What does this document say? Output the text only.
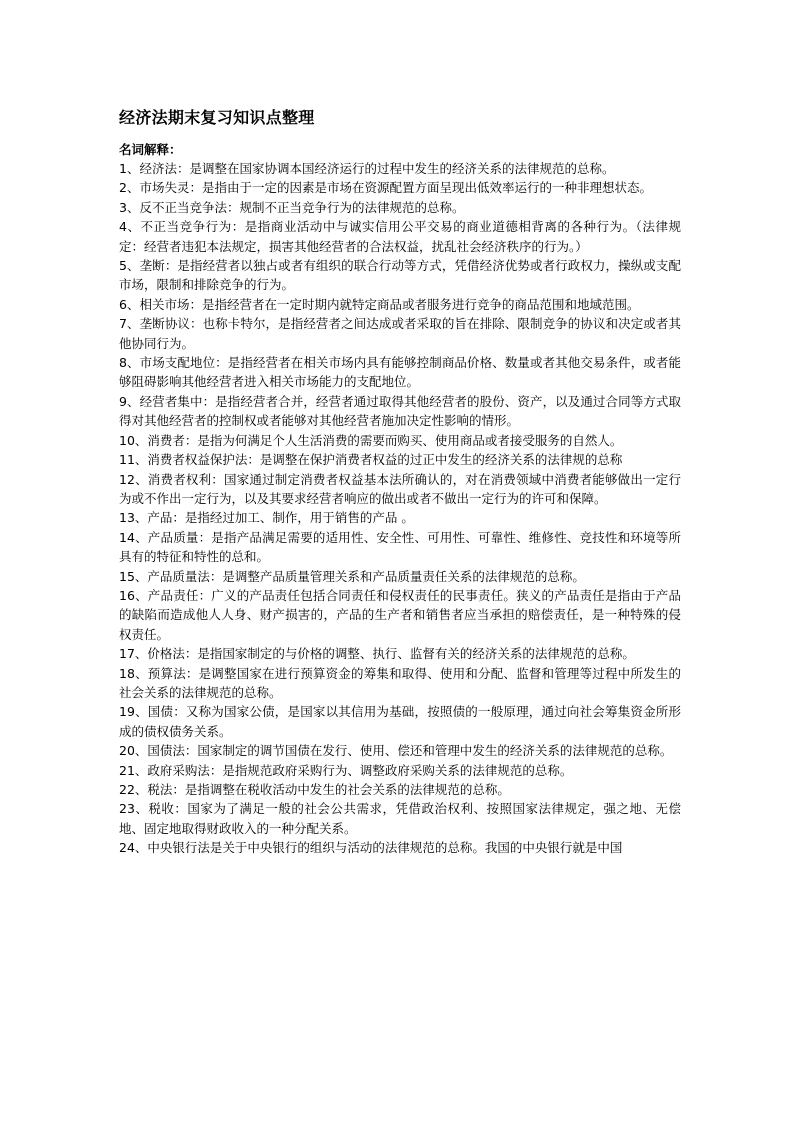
经济法期末复习知识点整理

名词解释：

1、经济法：是调整在国家协调本国经济运行的过程中发生的经济关系的法律规范的总称。

2、市场失灵：是指由于一定的因素是市场在资源配置方面呈现出低效率运行的一种非理想状态。

3、反不正当竞争法：规制不正当竞争行为的法律规范的总称。

4、不正当竞争行为：是指商业活动中与诚实信用公平交易的商业道德相背离的各种行为。（法律规定：经营者违犯本法规定，损害其他经营者的合法权益，扰乱社会经济秩序的行为。）

5、垄断：是指经营者以独占或者有组织的联合行动等方式，凭借经济优势或者行政权力，操纵或支配市场，限制和排除竞争的行为。

6、相关市场：是指经营者在一定时期内就特定商品或者服务进行竞争的商品范围和地域范围。

7、垄断协议：也称卡特尔，是指经营者之间达成或者采取的旨在排除、限制竞争的协议和决定或者其他协同行为。

8、市场支配地位：是指经营者在相关市场内具有能够控制商品价格、数量或者其他交易条件，或者能够阻碍影响其他经营者进入相关市场能力的支配地位。

9、经营者集中：是指经营者合并，经营者通过取得其他经营者的股份、资产，以及通过合同等方式取得对其他经营者的控制权或者能够对其他经营者施加决定性影响的情形。

10、消费者：是指为何满足个人生活消费的需要而购买、使用商品或者接受服务的自然人。

11、消费者权益保护法：是调整在保护消费者权益的过正中发生的经济关系的法律规的总称

12、消费者权利：国家通过制定消费者权益基本法所确认的，对在消费领域中消费者能够做出一定行为或不作出一定行为，以及其要求经营者响应的做出或者不做出一定行为的许可和保障。

13、产品：是指经过加工、制作，用于销售的产品 。

14、产品质量：是指产品满足需要的适用性、安全性、可用性、可靠性、维修性、竞技性和环境等所具有的特征和特性的总和。

15、产品质量法：是调整产品质量管理关系和产品质量责任关系的法律规范的总称。

16、产品责任：广义的产品责任包括合同责任和侵权责任的民事责任。狭义的产品责任是指由于产品的缺陷而造成他人人身、财产损害的，产品的生产者和销售者应当承担的赔偿责任，是一种特殊的侵权责任。

17、价格法：是指国家制定的与价格的调整、执行、监督有关的经济关系的法律规范的总称。

18、预算法：是调整国家在进行预算资金的筹集和取得、使用和分配、监督和管理等过程中所发生的社会关系的法律规范的总称。

19、国债：又称为国家公债，是国家以其信用为基础，按照债的一般原理，通过向社会筹集资金所形成的债权债务关系。

20、国债法：国家制定的调节国债在发行、使用、偿还和管理中发生的经济关系的法律规范的总称。

21、政府采购法：是指规范政府采购行为、调整政府采购关系的法律规范的总称。

22、税法：是指调整在税收活动中发生的社会关系的法律规范的总称。

23、税收：国家为了满足一般的社会公共需求，凭借政治权利、按照国家法律规定，强之地、无偿地、固定地取得财政收入的一种分配关系。

24、中央银行法是关于中央银行的组织与活动的法律规范的总称。我国的中央银行就是中国
